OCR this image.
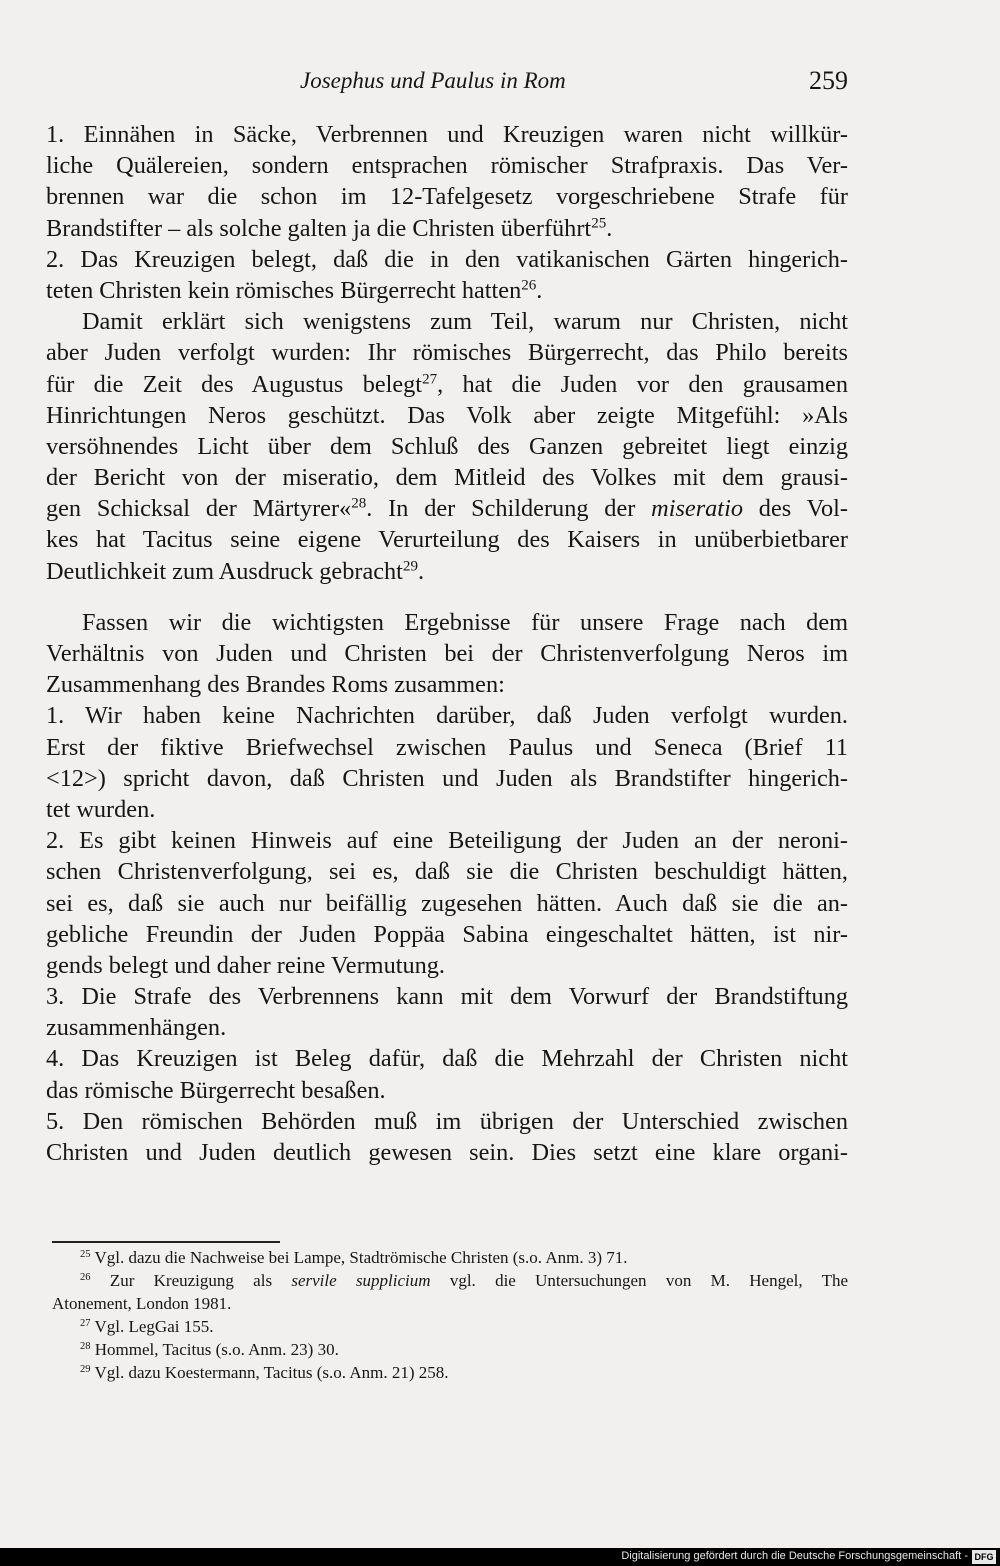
Josephus und Paulus in Rom	259
1. Einnähen in Säcke, Verbrennen und Kreuzigen waren nicht willkür-
liche Quälereien, sondern entsprachen römischer Strafpraxis. Das Ver-
brennen war die schon im 12-Tafelgesetz vorgeschriebene Strafe für
Brandstifter – als solche galten ja die Christen überführt$^{25}$.
2. Das Kreuzigen belegt, daß die in den vatikanischen Gärten hingerich-
teten Christen kein römisches Bürgerrecht hatten$^{26}$.
Damit erklärt sich wenigstens zum Teil, warum nur Christen, nicht
aber Juden verfolgt wurden: Ihr römisches Bürgerrecht, das Philo bereits
für die Zeit des Augustus belegt$^{27}$, hat die Juden vor den grausamen
Hinrichtungen Neros geschützt. Das Volk aber zeigte Mitgefühl: »Als
versöhnendes Licht über dem Schluß des Ganzen gebreitet liegt einzig
der Bericht von der miseratio, dem Mitleid des Volkes mit dem grausi-
gen Schicksal der Märtyrer«$^{28}$. In der Schilderung der miseratio des Vol-
kes hat Tacitus seine eigene Verurteilung des Kaisers in unüberbietbarer
Deutlichkeit zum Ausdruck gebracht$^{29}$.
Fassen wir die wichtigsten Ergebnisse für unsere Frage nach dem
Verhältnis von Juden und Christen bei der Christenverfolgung Neros im
Zusammenhang des Brandes Roms zusammen:
1. Wir haben keine Nachrichten darüber, daß Juden verfolgt wurden.
Erst der fiktive Briefwechsel zwischen Paulus und Seneca (Brief 11
<12>) spricht davon, daß Christen und Juden als Brandstifter hingerich-
tet wurden.
2. Es gibt keinen Hinweis auf eine Beteiligung der Juden an der neroni-
schen Christenverfolgung, sei es, daß sie die Christen beschuldigt hätten,
sei es, daß sie auch nur beifällig zugesehen hätten. Auch daß sie die an-
gebliche Freundin der Juden Poppäa Sabina eingeschaltet hätten, ist nir-
gends belegt und daher reine Vermutung.
3. Die Strafe des Verbrennens kann mit dem Vorwurf der Brandstiftung
zusammenhängen.
4. Das Kreuzigen ist Beleg dafür, daß die Mehrzahl der Christen nicht
das römische Bürgerrecht besaßen.
5. Den römischen Behörden muß im übrigen der Unterschied zwischen
Christen und Juden deutlich gewesen sein. Dies setzt eine klare organi-
$^{25}$ Vgl. dazu die Nachweise bei Lampe, Stadtrömische Christen (s.o. Anm. 3) 71.
$^{26}$ Zur Kreuzigung als servile supplicium vgl. die Untersuchungen von M. Hengel, The
Atonement, London 1981.
$^{27}$ Vgl. LegGai 155.
$^{28}$ Hommel, Tacitus (s.o. Anm. 23) 30.
$^{29}$ Vgl. dazu Koestermann, Tacitus (s.o. Anm. 21) 258.
Digitalisierung gefördert durch die Deutsche Forschungsgemeinschaft - DFG
